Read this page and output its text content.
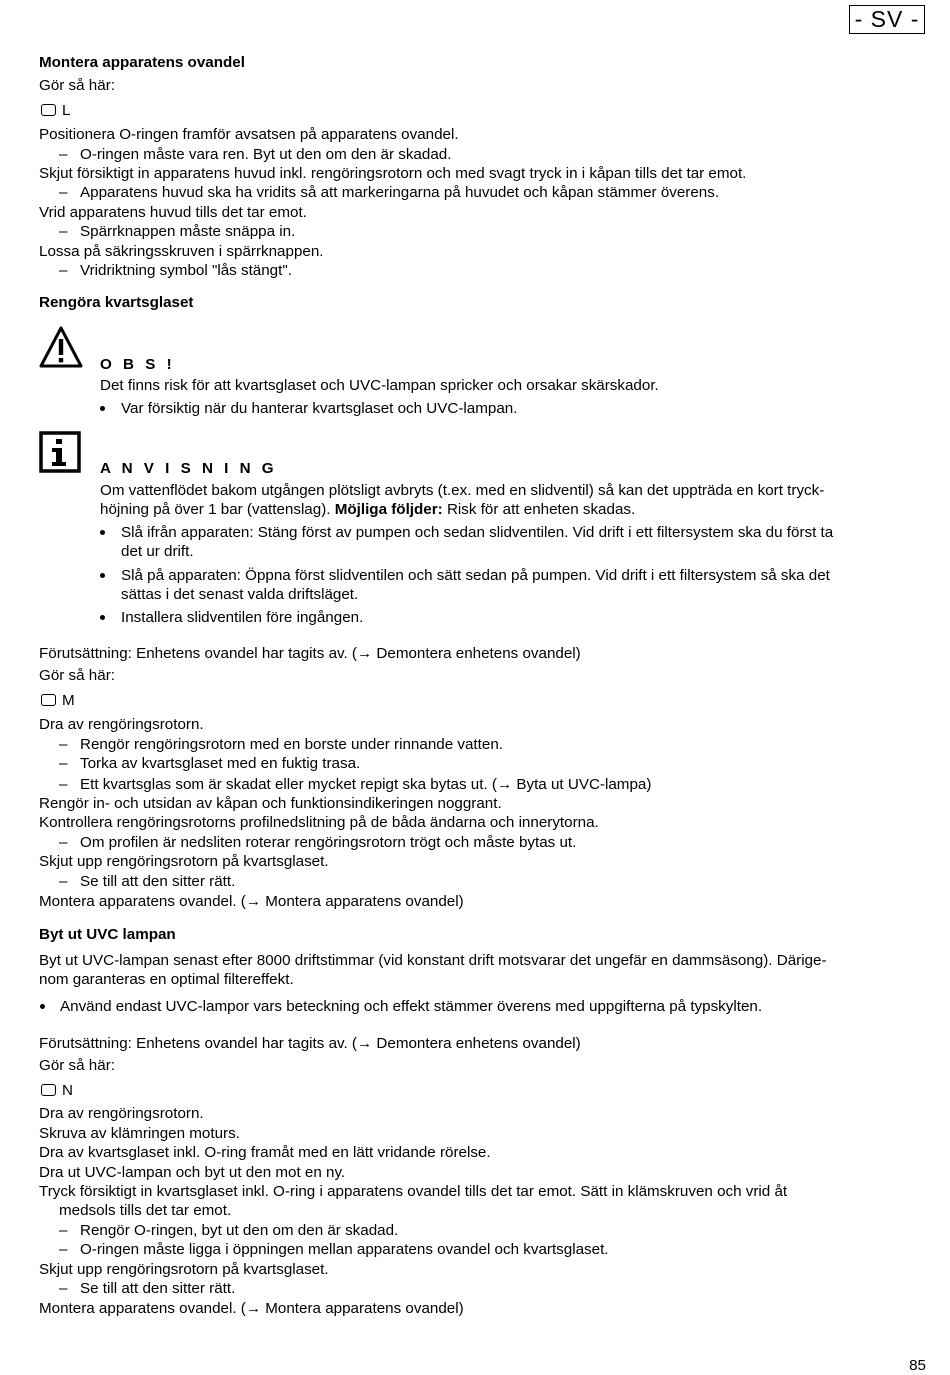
- SV -
Montera apparatens ovandel
Gör så här:
L
Positionera O-ringen framför avsatsen på apparatens ovandel.
– O-ringen måste vara ren. Byt ut den om den är skadad.
Skjut försiktigt in apparatens huvud inkl. rengöringsrotorn och med svagt tryck in i kåpan tills det tar emot.
– Apparatens huvud ska ha vridits så att markeringarna på huvudet och kåpan stämmer överens.
Vrid apparatens huvud tills det tar emot.
– Spärrknappen måste snäppa in.
Lossa på säkringsskruven i spärrknappen.
– Vridriktning symbol "lås stängt".
Rengöra kvartsglaset
O B S !
Det finns risk för att kvartsglaset och UVC-lampan spricker och orsakar skärskador.
Var försiktig när du hanterar kvartsglaset och UVC-lampan.
A N V I S N I N G
Om vattenflödet bakom utgången plötsligt avbryts (t.ex. med en slidventil) så kan det uppträda en kort tryck-
höjning på över 1 bar (vattenslag). Möjliga följder: Risk för att enheten skadas.
Slå ifrån apparaten: Stäng först av pumpen och sedan slidventilen. Vid drift i ett filtersystem ska du först ta
det ur drift.
Slå på apparaten: Öppna först slidventilen och sätt sedan på pumpen. Vid drift i ett filtersystem så ska det
sättas i det senast valda driftsläget.
Installera slidventilen före ingången.
Förutsättning: Enhetens ovandel har tagits av. (→ Demontera enhetens ovandel)
Gör så här:
M
Dra av rengöringsrotorn.
– Rengör rengöringsrotorn med en borste under rinnande vatten.
– Torka av kvartsglaset med en fuktig trasa.
– Ett kvartsglas som är skadat eller mycket repigt ska bytas ut. (→ Byta ut UVC-lampa)
Rengör in- och utsidan av kåpan och funktionsindikeringen noggrant.
Kontrollera rengöringsrotorns profilnedslitning på de båda ändarna och innerytorna.
– Om profilen är nedsliten roterar rengöringsrotorn trögt och måste bytas ut.
Skjut upp rengöringsrotorn på kvartsglaset.
– Se till att den sitter rätt.
Montera apparatens ovandel. (→ Montera apparatens ovandel)
Byt ut UVC lampan
Byt ut UVC-lampan senast efter 8000 driftstimmar (vid konstant drift motsvarar det ungefär en dammsäsong). Därige-
nom garanteras en optimal filtereffekt.
Använd endast UVC-lampor vars beteckning och effekt stämmer överens med uppgifterna på typskylten.
Förutsättning: Enhetens ovandel har tagits av. (→ Demontera enhetens ovandel)
Gör så här:
N
Dra av rengöringsrotorn.
Skruva av klämringen moturs.
Dra av kvartsglaset inkl. O-ring framåt med en lätt vridande rörelse.
Dra ut UVC-lampan och byt ut den mot en ny.
Tryck försiktigt in kvartsglaset inkl. O-ring i apparatens ovandel tills det tar emot. Sätt in klämskruven och vrid åt
medsols tills det tar emot.
– Rengör O-ringen, byt ut den om den är skadad.
– O-ringen måste ligga i öppningen mellan apparatens ovandel och kvartsglaset.
Skjut upp rengöringsrotorn på kvartsglaset.
– Se till att den sitter rätt.
Montera apparatens ovandel. (→ Montera apparatens ovandel)
85
